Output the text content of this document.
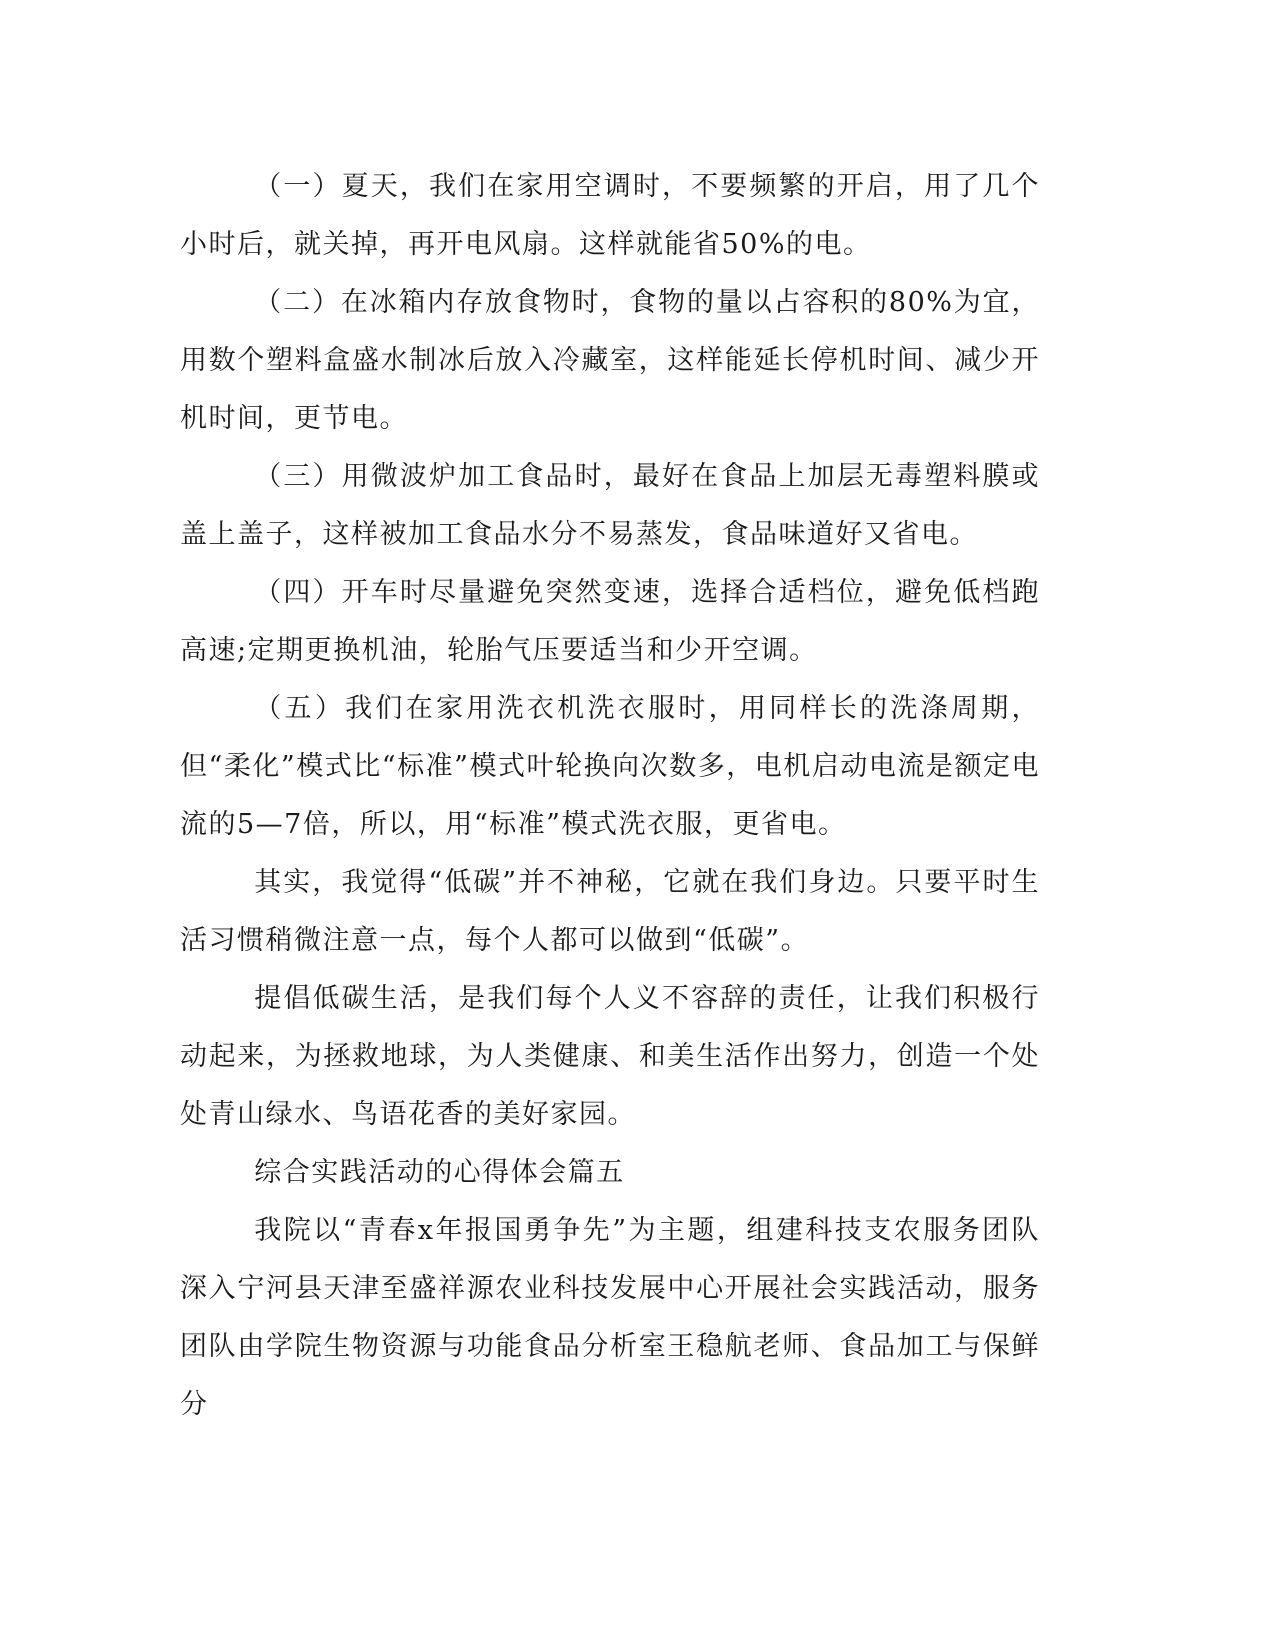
（一）夏天，我们在家用空调时，不要频繁的开启，用了几个小时后，就关掉，再开电风扇。这样就能省50%的电。

（二）在冰箱内存放食物时，食物的量以占容积的80%为宜，用数个塑料盒盛水制冰后放入冷藏室，这样能延长停机时间、减少开机时间，更节电。

（三）用微波炉加工食品时，最好在食品上加层无毒塑料膜或盖上盖子，这样被加工食品水分不易蒸发，食品味道好又省电。

（四）开车时尽量避免突然变速，选择合适档位，避免低档跑高速;定期更换机油，轮胎气压要适当和少开空调。

（五）我们在家用洗衣机洗衣服时，用同样长的洗涤周期，但“柔化”模式比“标准”模式叶轮换向次数多，电机启动电流是额定电流的5—7倍，所以，用“标准”模式洗衣服，更省电。

其实，我觉得“低碳”并不神秘，它就在我们身边。只要平时生活习惯稍微注意一点，每个人都可以做到“低碳”。

提倡低碳生活，是我们每个人义不容辞的责任，让我们积极行动起来，为拯救地球，为人类健康、和美生活作出努力，创造一个处处青山绿水、鸟语花香的美好家园。

综合实践活动的心得体会篇五

我院以“青春x年报国勇争先”为主题，组建科技支农服务团队深入宁河县天津至盛祥源农业科技发展中心开展社会实践活动，服务团队由学院生物资源与功能食品分析室王稳航老师、食品加工与保鲜分
